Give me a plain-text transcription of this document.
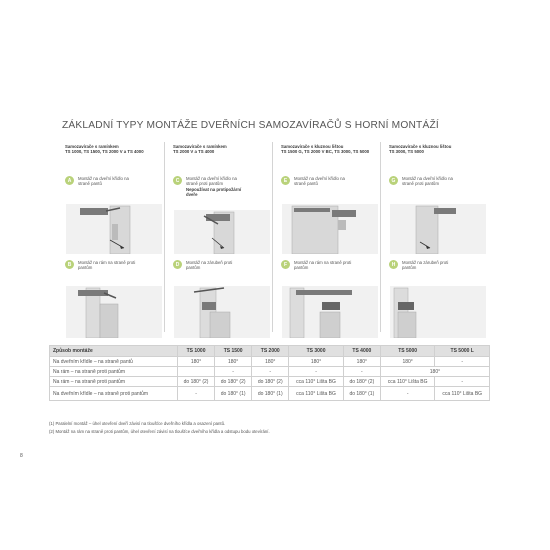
ZÁKLADNÍ TYPY MONTÁŽE DVEŘNÍCH SAMOZAVÍRAČŮ S HORNÍ MONTÁŽÍ
Samozavírače s ramínkem
TS 1000, TS 1500, TS 2000 V a TS 4000
A	Montáž na dveřní křídlo na straně pantů
B	Montáž na rám na straně proti pantům
Samozavírače s ramínkem
TS 2000 V a TS 4000
C	Montáž na dveřní křídlo na straně proti pantům
Nepoužívat na protipožární dveře
D	Montáž na zárubeň proti pantům
Samozavírače s kluznou lištou
TS 1500 G, TS 2000 V BC, TS 3000, TS 5000
E	Montáž na dveřní křídlo na straně pantů
F	Montáž na rám na straně proti pantům
Samozavírače s kluznou lištou
TS 3000, TS 5000
G	Montáž na dveřní křídlo na straně proti pantům
H	Montáž na zárubeň proti pantům
Způsob montáže	TS 1000	TS 1500	TS 2000	TS 3000	TS 4000	TS 5000	TS 5000 L
Na dveřním křídle – na straně pantů	180°	180°	180°	180°	180°	180°	-
Na rám – na straně proti pantům		-	-	-	-	180°	
Na rám – na straně proti pantům	do 180° (2)	do 180° (2)	do 180° (2)	cca 110° Lišta BG	do 180° (2)	cca 110° Lišta BG	-
Na dveřním křídle – na straně proti pantům	-	do 180° (1)	do 180° (1)	cca 110° Lišta BG	do 180° (1)	-	cca 110° Lišta BG
(1) Paralelní montáž – úhel otevření dveří závisí na tloušťce dveřního křídla a osazení pantů.
(2) Montáž na rám na straně proti pantům, úhel otevření závisí na tloušťce dveřního křídla a odstupu bodu otevírání.
8
